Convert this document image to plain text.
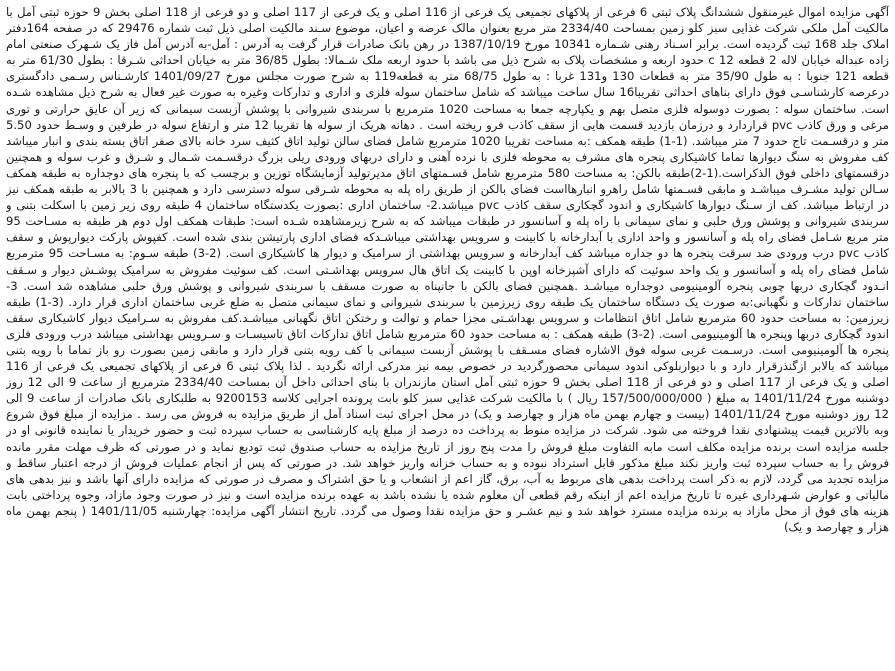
آگهی مزایده اموال غیرمنقول ششدانگ پلاک ثبتی 6 فرعی از پلاکهای تجمیعی یک فرعی از 116 اصلی و یک فرعی از 117 اصلی و دو فرعی از 118 اصلی بخش 9 حوزه ثبتی آمل با مالکیت آمل ملکی شرکت غذایی سبز کلو زمین بمساحت 2334/40 متر مربع بعنوان مالک عرصه و اعیان، موضوع سـند مالکیت اصلی ذیل ثبت شماره 29476 که در صفحه 164دفتر املاک جلد 168 ثبت گردیده است. برابر اسـناد رهنی شـماره 10341 مورخ 1387/10/19 در رهن بانک صادرات قرار گرفت به آدرس : آمل-به آدرس آمل فاز یک شـهرک صنعتی امام زاده عبداله خیابان لاله 2 قطعه 12 c حدود اربعه و مشخصات پلاک به شرح ذیل می باشد با حدود اربعه ملک شـمالا: بطول 36/85 متر به خیابان احداثی شـرقا : بطول 61/30 متر به قطعه 121 جنوبا : به طول 35/90 متر به قطعات 130 و131 غربا : به طول 68/75 متر به قطعه119 به شرح صورت مجلس مورخ 1401/09/27 کارشـناس رسـمی دادگستری درعرصه کارشناسـی فوق دارای بناهای احداثی تقریبا16 سال ساخت میباشد که شامل ساختمان سوله فلزی و اداری و تدارکات وغیره به صورت غیر فعال به شرح ذیل مشاهده شـده است. ساختمان سوله : بصورت دوسوله فلزی متصل بهم و یکپارچه جمعا به مساحت 1020 مترمربع با سربندی شیروانی با پوشش آزبست سیمانی که زیر آن عایق حرارتی و توری مرغی و ورق کاذب pvc قراردارد و درزمان بازدید قسمت هایی از سقف کاذب فرو ریخته است . دهانه هریک از سوله ها تقریبا 12 متر و ارتفاع سوله در طرفین و وسـط حدود 5.50 متر و درقسـمت تاج حدود 7 متر میباشد. (1-1) طبقه همکف :به مساحت تقریبا 1020 مترمربع شامل فضای سالن تولید اتاق کثیف سرد خانه بالای صفر اتاق بسته بندی و انبار میباشد کف مفروش به سنگ دیوارها تماما کاشیکاری پنجره های مشرف به محوطه فلزی با نرده آهنی و دارای دربهای ورودی ریلی بزرگ درقسـمت شـمال و شـرق و غرب سوله و همچنین درقسمتهای داخلی فوق الذکراست.(1-2)طبقه بالکن: به مساحت 580 مترمربع شامل قسـمتهای اتاق مدیرتولید آزمایشگاه توزین و برچسب که با پنجره های دوجداره به طبقه همکف سـالن تولید مشـرف میباشـد و مابقی قسـمتها شامل راهرو انبارهااست فضای بالکن از طریق راه پله به محوطه شـرقی سوله دسترسی دارد و همچنین با 3 بالابر به طبقه همکف نیز در ارتباط میباشد. کف از سـنگ دیوارها کاشیکاری و اندود گچکاری سقف کاذب pvc میباشد.2- ساختمان اداری :بصورت یکدستگاه ساختمان 4 طبقه روی زیر زمین با اسکلت بتنی و سربندی شیروانی و پوشش ورق حلبی و نمای سیمانی با راه پله و آسانسور در طبقات میباشد که به شرح زیرمشاهده شـده است: طبقات همکف اول دوم هر طبقه به مسـاحت 95 متر مربع شـامل فضای راه پله و آسانسور و واحد اداری با آبدارخانه با کابینت و سرویس بهداشتی میباشـدکه فضای اداری پارتیشن بندی شده است. کفپوش پارکت دیوارپوش و سقف کاذب pvc درب ورودی ضد سرقت پنجره ها دو جداره میباشد کف آبدارخانه و سرویس بهداشتی از سرامیک و دیوار ها کاشیکاری است. (2-3) طبقه سـوم: به مسـاحت 95 مترمربع شامل فضای راه پله و آسانسور و یک واحد سوئیت که دارای آشپزخانه اوپن با کابینت یک اتاق هال سرویس بهداشـتی است. کف سوئیت مفروش به سرامیک پوشـش دیوار و سـقف انـدود گچکاری دربها چوبی پنجره آلومینیومی دوجداره میباشـد .همچنین فضای بالکن با جانپناه به صورت مسقف با سربندی شیروانی و پوشش ورق حلبی مشاهده شد است. 3- ساختمان تدارکات و نگهبانی:به صورت یک دستگاه ساختمان یک طبقه روی زیرزمین با سربندی شیروانی و نمای سیمانی متصل به ضلع غربی ساختمان اداری قرار دارد. (3-1) طبقه زیرزمین: به مساحت حدود 60 مترمربع شامل اتاق انتظامات و سرویس بهداشـتی مجزا حمام و توالت و رختکن اتاق نگهبانی میباشـد.کف مفروش به سـرامیک دیوار کاشیکاری سقف اندود گچکاری دربها وپنجره ها آلومینیومی است. (2-3) طبقه همکف : به مساحت حدود 60 مترمربع شامل اتاق تدارکات اتاق تاسیسـات و سـرویس بهداشتی میباشد درب ورودی فلزی پنجره ها آلومینیومی است. درسـمت غربی سوله فوق الاشاره فضای مسـقف با پوشش آزبست سیمانی با کف رویه بتنی قرار دارد و مابقی زمین بصورت رو باز تماما با رویه بتنی میباشد که بالابر ازگنذرقرار دارد و با دیواربلوکی اندود سیمانی محصورگردید در خصوص بیمه نیز مدرکی ارائه نگردید . لذا پلاک ثبتی 6 فرعی از پلاکهای تجمیعی یک فرعی از 116 اصلی و یک فرعی از 117 اصلی و دو فرعی از 118 اصلی بخش 9 حوزه ثبتی آمل استان مازندران با بنای احداثی داخل آن بمساحت 2334/40 مترمربع از ساعت 9 الی 12 روز دوشنبه مورخ 1401/11/24 به مبلغ ( 157/500/000/000 ریال ) با مالکیت شرکت غذایی سبز کلو بابت پرونده اجرایی کلاسه 9200153 به طلبکاری بانک صادرات از ساعت 9 الی 12 روز دوشنبه مورخ 1401/11/24 (بیست و چهارم بهمن ماه هزار و چهارصد و یک) در محل اجرای ثبت اسناد آمل از طریق مزایده به فروش می رسد . مزایده از مبلغ فوق شروع وبه بالاترین قیمت پیشنهادی نقدا فروخته می شود. شرکت در مزایده منوط به پرداخت ده درصد از مبلغ پایه کارشناسی به حساب سپرده ثبت و حضور خریدار یا نماینده قانونی او در جلسه مزایده است برنده مزایده مکلف است مابه التفاوت مبلغ فروش را مدت پنج روز از تاریخ مزایده به حساب صندوق ثبت تودیع نماید و در صورتی که ظرف مهلت مقرر مانده فروش را به حساب سپرده ثبت واریز نکند مبلغ مذکور قابل استرداد نبوده و به حساب خزانه واریز خواهد شد. در صورتی که پس از انجام عملیات فروش از درجه اعتبار ساقط و مزایده تجدید می گردد، لازم به ذکر است پرداخت بدهی های مربوط به آب، برق، گاز اعم از انشعاب و یا حق اشتراک و مصرف در صورتی که مزایده دارای آنها باشد و نیز بدهی های مالیاتی و عوارض شـهرداری غیره تا تاریخ مزایده اعم از اینکه رقم قطعی آن معلوم شده یا نشده باشد به عهده برنده مزایده است و نیز در صورت وجود مازاد، وجوه پرداختی بابت هزینه های فوق از محل مازاد به برنده مزایده مسترد خواهد شد و نیم عشـر و حق مزایده نقدا وصول می گردد. تاریخ انتشار آگهی مزایده: چهارشنبه 1401/11/05 ( پنجم بهمن ماه هزار و چهارصد و یک)
